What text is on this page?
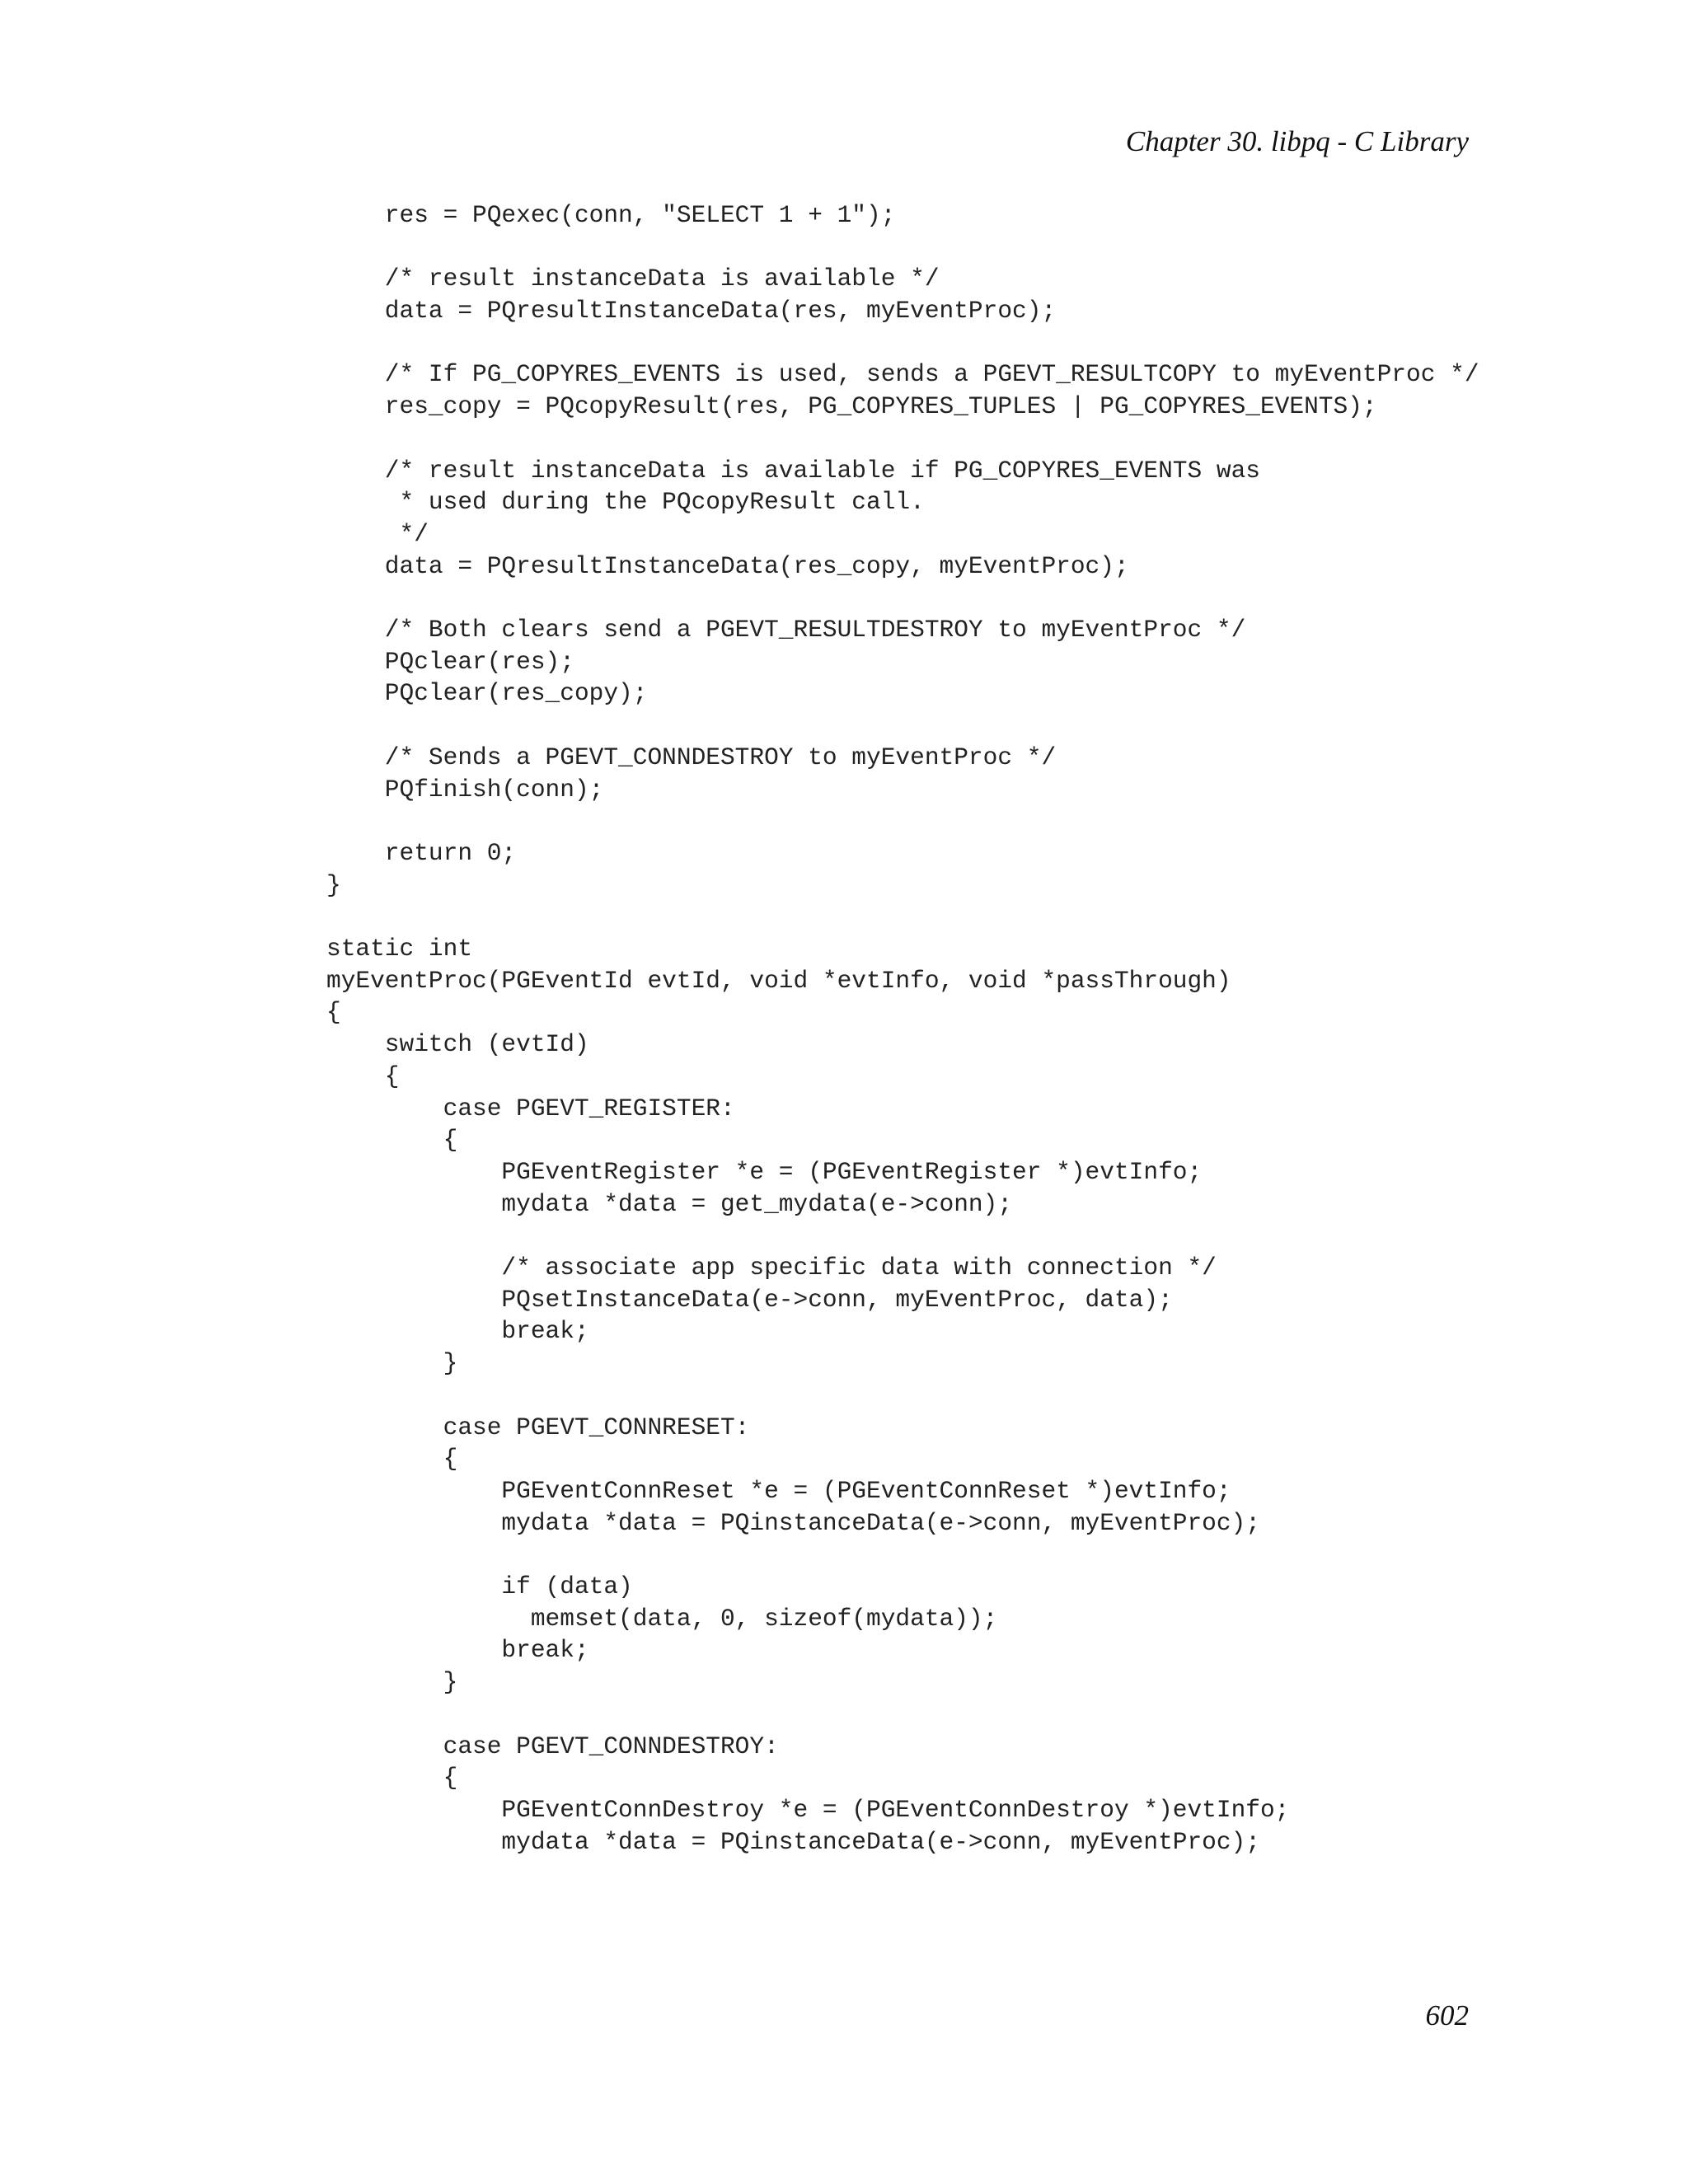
Chapter 30. libpq - C Library
res = PQexec(conn, "SELECT 1 + 1");
/* result instanceData is available */
data = PQresultInstanceData(res, myEventProc);
/* If PG_COPYRES_EVENTS is used, sends a PGEVT_RESULTCOPY to myEventProc */
res_copy = PQcopyResult(res, PG_COPYRES_TUPLES | PG_COPYRES_EVENTS);
/* result instanceData is available if PG_COPYRES_EVENTS was
* used during the PQcopyResult call.
*/
data = PQresultInstanceData(res_copy, myEventProc);
/* Both clears send a PGEVT_RESULTDESTROY to myEventProc */
PQclear(res);
PQclear(res_copy);
/* Sends a PGEVT_CONNDESTROY to myEventProc */
PQfinish(conn);
return 0;
}
static int
myEventProc(PGEventId evtId, void *evtInfo, void *passThrough)
{
switch (evtId)
{
case PGEVT_REGISTER:
{
PGEventRegister *e = (PGEventRegister *)evtInfo;
mydata *data = get_mydata(e->conn);
/* associate app specific data with connection */
PQsetInstanceData(e->conn, myEventProc, data);
break;
}
case PGEVT_CONNRESET:
{
PGEventConnReset *e = (PGEventConnReset *)evtInfo;
mydata *data = PQinstanceData(e->conn, myEventProc);
if (data)
memset(data, 0, sizeof(mydata));
break;
}
case PGEVT_CONNDESTROY:
{
PGEventConnDestroy *e = (PGEventConnDestroy *)evtInfo;
mydata *data = PQinstanceData(e->conn, myEventProc);
602
